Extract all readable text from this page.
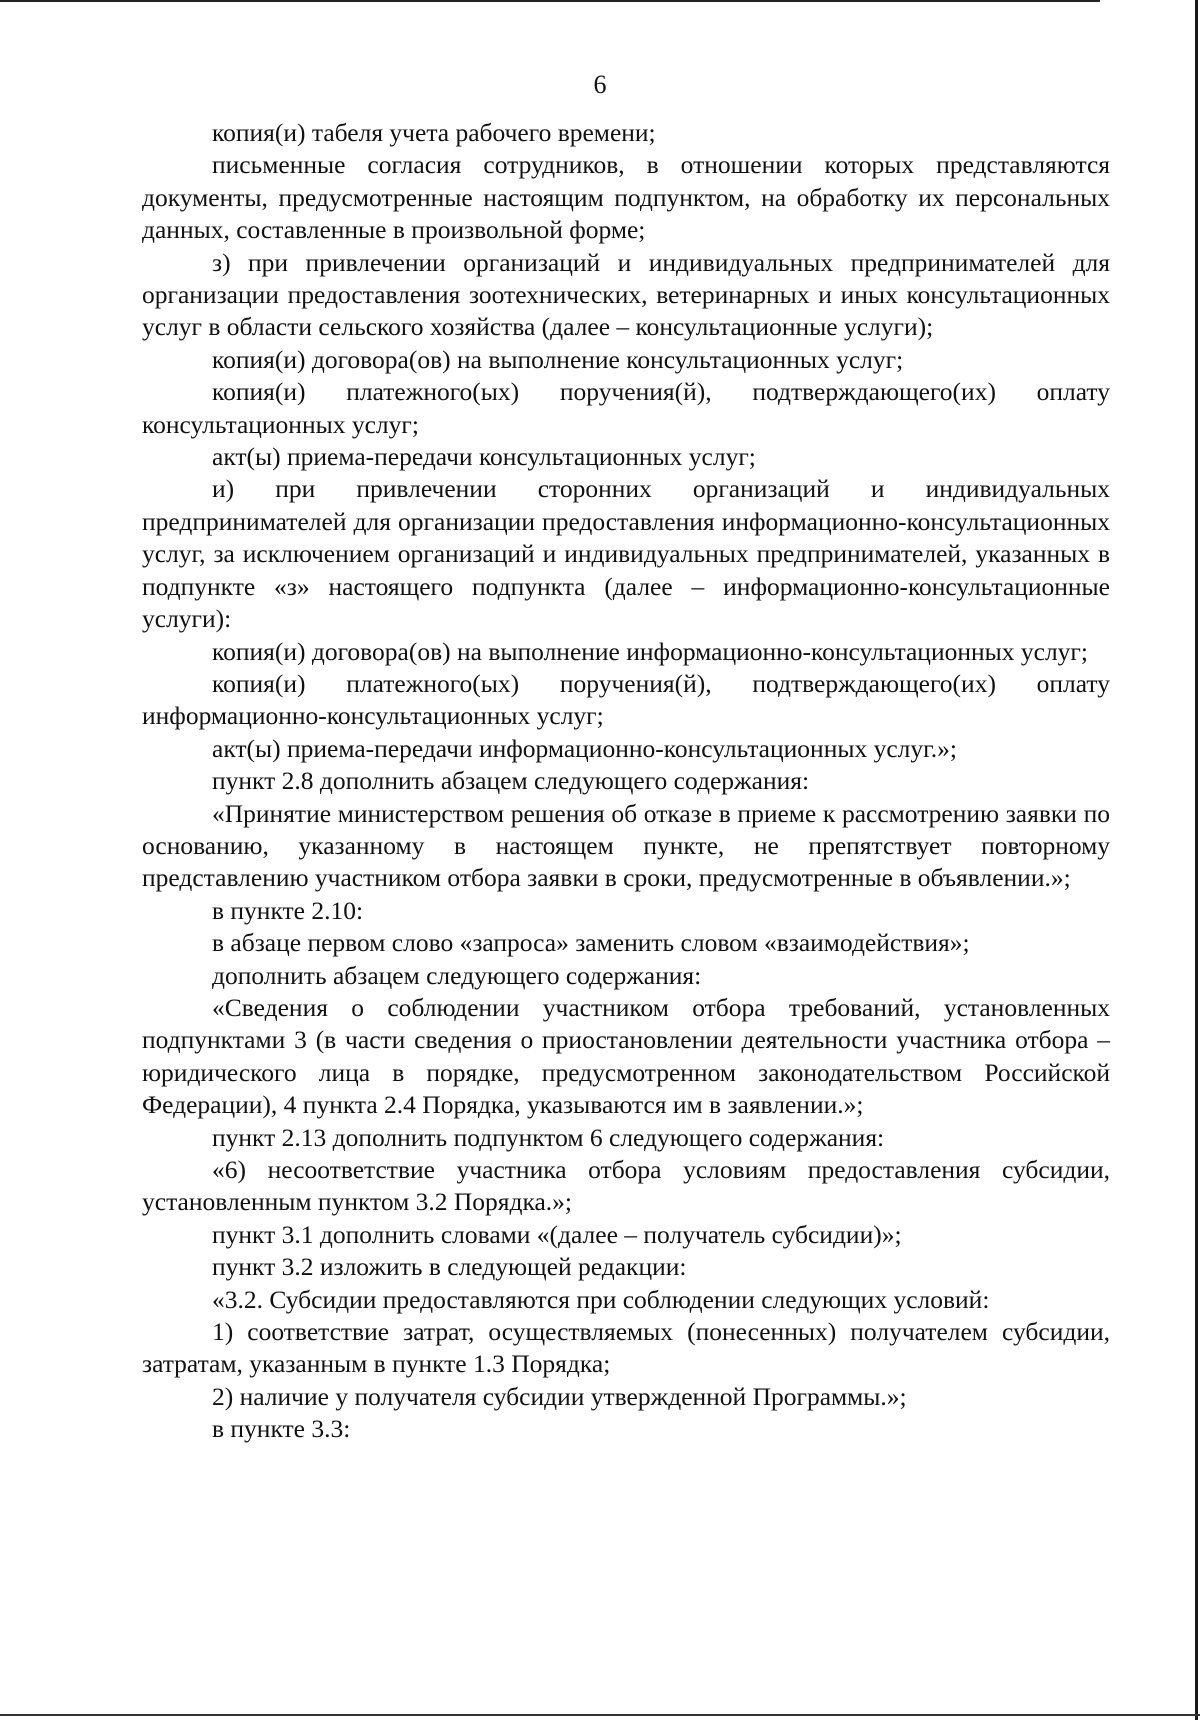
6

копия(и) табеля учета рабочего времени;

письменные согласия сотрудников, в отношении которых представляются документы, предусмотренные настоящим подпунктом, на обработку их персональных данных, составленные в произвольной форме;

з) при привлечении организаций и индивидуальных предпринимателей для организации предоставления зоотехнических, ветеринарных и иных консультационных услуг в области сельского хозяйства (далее – консультационные услуги);

копия(и) договора(ов) на выполнение консультационных услуг;

копия(и) платежного(ых) поручения(й), подтверждающего(их) оплату консультационных услуг;

акт(ы) приема-передачи консультационных услуг;

и) при привлечении сторонних организаций и индивидуальных предпринимателей для организации предоставления информационно-консультационных услуг, за исключением организаций и индивидуальных предпринимателей, указанных в подпункте «з» настоящего подпункта (далее – информационно-консультационные услуги):

копия(и) договора(ов) на выполнение информационно-консультационных услуг;

копия(и) платежного(ых) поручения(й), подтверждающего(их) оплату информационно-консультационных услуг;

акт(ы) приема-передачи информационно-консультационных услуг.»;

пункт 2.8 дополнить абзацем следующего содержания:

«Принятие министерством решения об отказе в приеме к рассмотрению заявки по основанию, указанному в настоящем пункте, не препятствует повторному представлению участником отбора заявки в сроки, предусмотренные в объявлении.»;

в пункте 2.10:

в абзаце первом слово «запроса» заменить словом «взаимодействия»;

дополнить абзацем следующего содержания:

«Сведения о соблюдении участником отбора требований, установленных подпунктами 3 (в части сведения о приостановлении деятельности участника отбора – юридического лица в порядке, предусмотренном законодательством Российской Федерации), 4 пункта 2.4 Порядка, указываются им в заявлении.»;

пункт 2.13 дополнить подпунктом 6 следующего содержания:

«6) несоответствие участника отбора условиям предоставления субсидии, установленным пунктом 3.2 Порядка.»;

пункт 3.1 дополнить словами «(далее – получатель субсидии)»;

пункт 3.2 изложить в следующей редакции:

«3.2. Субсидии предоставляются при соблюдении следующих условий:

1) соответствие затрат, осуществляемых (понесенных) получателем субсидии, затратам, указанным в пункте 1.3 Порядка;

2) наличие у получателя субсидии утвержденной Программы.»;

в пункте 3.3:
